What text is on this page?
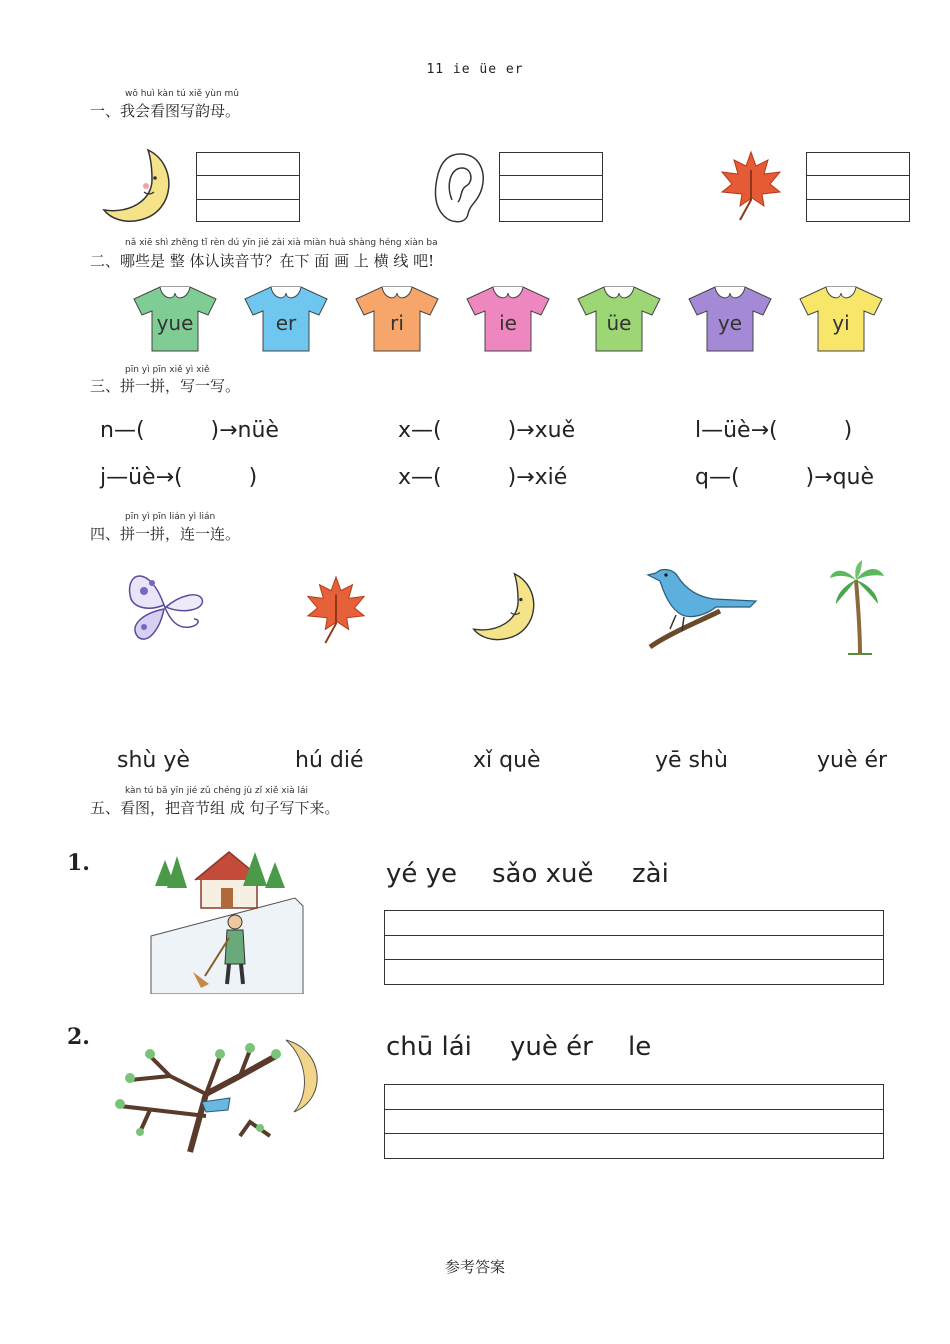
11 ie üe er
wǒ huì kàn tú xiě yùn mǔ
一、我会看图写韵母。
nǎ xiē shì zhěng tǐ rèn dú yīn jié zài xià miàn huà shàng héng xiàn ba
二、哪些是 整 体认读音节？在下 面 画 上 横 线 吧!
yue	er	ri	ie	üe	ye	yi
pīn yì pīn xiě yì xiě
三、拼一拼，写一写。
n—(　　　)→nüè	x—(　　　)→xuě	l—üè→(　　　)
j—üè→(　　　)	x—(　　　)→xié	q—(　　　)→què
pīn yì pīn lián yì lián
四、拼一拼，连一连。
shù yè	hú dié	xǐ què	yē shù	yuè ér
kàn tú bǎ yīn jié zǔ chéng jù zǐ xiě xià lái
五、看图，把音节组 成 句子写下来。
1.	yé ye sǎo xuě zài
2.	chū lái yuè ér le
参考答案
